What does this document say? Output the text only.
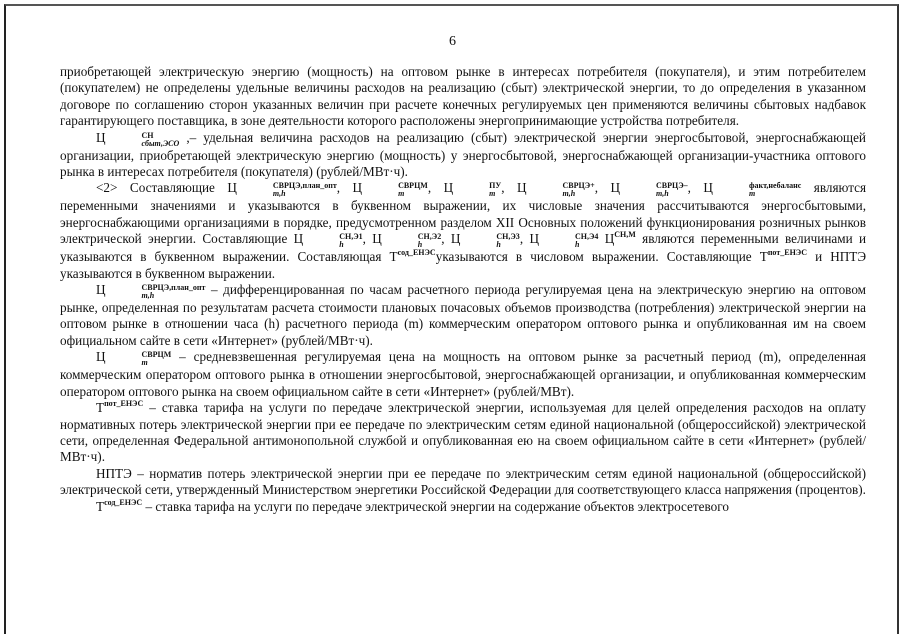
6

приобретающей электрическую энергию (мощность) на оптовом рынке в интересах потребителя (покупателя), и этим потребителем (покупателем) не определены удельные величины расходов на реализацию (сбыт) электрической энергии, то до определения в указанном договоре по соглашению сторон указанных величин при расчете конечных регулируемых цен применяются величины сбытовых надбавок гарантирующего поставщика, в зоне деятельности которого расположены энергопринимающие устройства потребителя.

Ц	СН
сбыт,ЭСО ,– удельная величина расходов на реализацию (сбыт) электрической энергии энергосбытовой, энергоснабжающей организации, приобретающей электрическую энергию (мощность) у энергосбытовой, энергоснабжающей организации-участника оптового рынка в интересах потребителя (покупателя) (рублей/МВт·ч).

<2> Составляющие Ц	СВРЦЭ,план_опт
m,h	, Ц	СВРЦМ
m	, Ц	ПУ
m , Ц	СВРЦЭ+
m,h	, Ц	СВРЦЭ–
m,h	, Ц	факт,небаланс
m	являются переменными значениями и указываются в буквенном выражении, их числовые значения рассчитываются энергосбытовыми, энергоснабжающими организациями в порядке, предусмотренном разделом XII Основных положений функционирования розничных рынков электрической энергии. Составляющие Ц	СН,Э1
h	, Ц	СН,Э2
h	, Ц	СН,Э3
h	, Ц	СН,Э4
h	$Ц^{СН,М}$ являются переменными величинами и указываются в буквенном выражении. Составляющая $Т^{сод\_ЕНЭС}указываются$ в числовом выражении. Составляющие $Т^{пот\_ЕНЭС}$ и НПТЭ указываются в буквенном выражении.

Ц	СВРЦЭ,план_опт
m,h	– дифференцированная по часам расчетного периода регулируемая цена на электрическую энергию на оптовом рынке, определенная по результатам расчета стоимости плановых почасовых объемов производства (потребления) электрической энергии на оптовом рынке в отношении часа (h) расчетного периода (m) коммерческим оператором оптового рынка и опубликованная им на своем официальном сайте в сети «Интернет» (рублей/МВт·ч).

Ц	СВРЦМ
m	– средневзвешенная регулируемая цена на мощность на оптовом рынке за расчетный период (m), определенная коммерческим оператором оптового рынка в отношении энергосбытовой, энергоснабжающей организации, и опубликованная коммерческим оператором оптового рынка на своем официальном сайте в сети «Интернет» (рублей/МВт).

$Т^{пот\_ЕНЭС}$ – ставка тарифа на услуги по передаче электрической энергии, используемая для целей определения расходов на оплату нормативных потерь электрической энергии при ее передаче по электрическим сетям единой национальной (общероссийской) электрической сети, определенная Федеральной антимонопольной службой и опубликованная ею на своем официальном сайте в сети «Интернет» (рублей/МВт·ч).

НПТЭ – норматив потерь электрической энергии при ее передаче по электрическим сетям единой национальной (общероссийской) электрической сети, утвержденный Министерством энергетики Российской Федерации для соответствующего класса напряжения (процентов).

$Т^{сод\_ЕНЭС}$ – ставка тарифа на услуги по передаче электрической энергии на содержание объектов электросетевого
